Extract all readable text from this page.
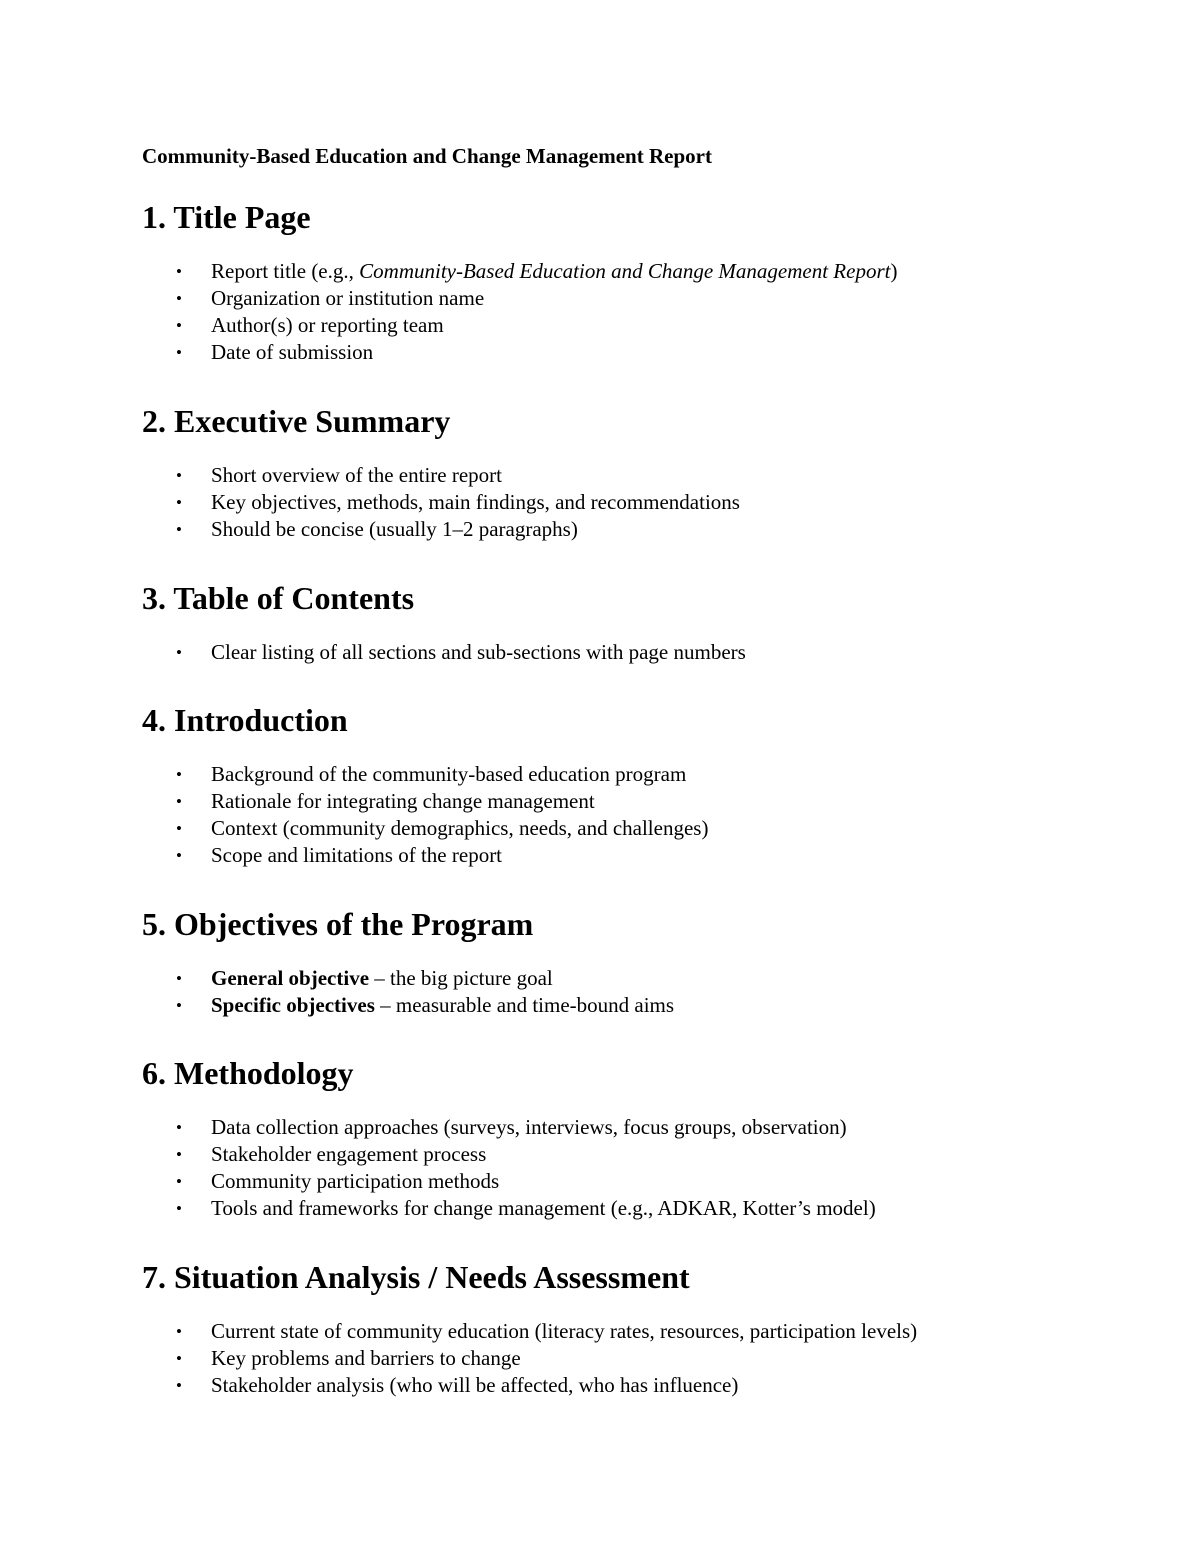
Community-Based Education and Change Management Report

1. Title Page
• Report title (e.g., Community-Based Education and Change Management Report)
• Organization or institution name
• Author(s) or reporting team
• Date of submission
2. Executive Summary
• Short overview of the entire report
• Key objectives, methods, main findings, and recommendations
• Should be concise (usually 1–2 paragraphs)
3. Table of Contents
• Clear listing of all sections and sub-sections with page numbers
4. Introduction
• Background of the community-based education program
• Rationale for integrating change management
• Context (community demographics, needs, and challenges)
• Scope and limitations of the report
5. Objectives of the Program
• General objective – the big picture goal
• Specific objectives – measurable and time-bound aims
6. Methodology
• Data collection approaches (surveys, interviews, focus groups, observation)
• Stakeholder engagement process
• Community participation methods
• Tools and frameworks for change management (e.g., ADKAR, Kotter’s model)
7. Situation Analysis / Needs Assessment
• Current state of community education (literacy rates, resources, participation levels)
• Key problems and barriers to change
• Stakeholder analysis (who will be affected, who has influence)
